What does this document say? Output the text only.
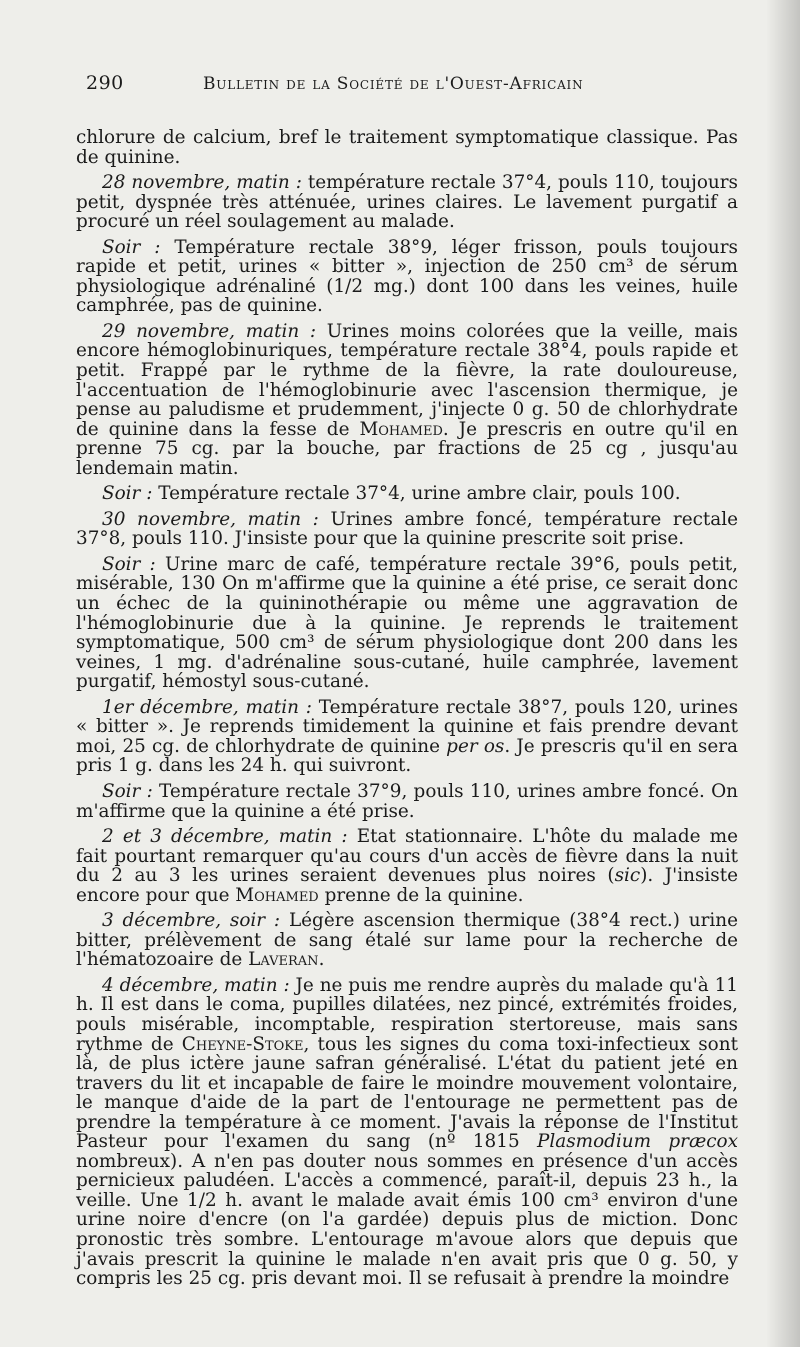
290	Bulletin de la Société de l'Ouest-Africain

chlorure de calcium, bref le traitement symptomatique classique. Pas de quinine.

28 novembre, matin : température rectale 37°4, pouls 110, toujours petit, dyspnée très atténuée, urines claires. Le lavement purgatif a procuré un réel soulagement au malade.

Soir : Température rectale 38°9, léger frisson, pouls toujours rapide et petit, urines « bitter », injection de 250 cm³ de sérum physiologique adrénaliné (1/2 mg.) dont 100 dans les veines, huile camphrée, pas de quinine.

29 novembre, matin : Urines moins colorées que la veille, mais encore hémoglobinuriques, température rectale 38°4, pouls rapide et petit. Frappé par le rythme de la fièvre, la rate douloureuse, l'accentuation de l'hémoglobinurie avec l'ascension thermique, je pense au paludisme et prudemment, j'injecte 0 g. 50 de chlorhydrate de quinine dans la fesse de Mohamed. Je prescris en outre qu'il en prenne 75 cg. par la bouche, par fractions de 25 cg , jusqu'au lendemain matin.

Soir : Température rectale 37°4, urine ambre clair, pouls 100.

30 novembre, matin : Urines ambre foncé, température rectale 37°8, pouls 110. J'insiste pour que la quinine prescrite soit prise.

Soir : Urine marc de café, température rectale 39°6, pouls petit, misérable, 130 On m'affirme que la quinine a été prise, ce serait donc un échec de la quininothérapie ou même une aggravation de l'hémoglobinurie due à la quinine. Je reprends le traitement symptomatique, 500 cm³ de sérum physiologique dont 200 dans les veines, 1 mg. d'adrénaline sous-cutané, huile camphrée, lavement purgatif, hémostyl sous-cutané.

1er décembre, matin : Température rectale 38°7, pouls 120, urines « bitter ». Je reprends timidement la quinine et fais prendre devant moi, 25 cg. de chlorhydrate de quinine per os. Je prescris qu'il en sera pris 1 g. dans les 24 h. qui suivront.

Soir : Température rectale 37°9, pouls 110, urines ambre foncé. On m'affirme que la quinine a été prise.

2 et 3 décembre, matin : Etat stationnaire. L'hôte du malade me fait pourtant remarquer qu'au cours d'un accès de fièvre dans la nuit du 2 au 3 les urines seraient devenues plus noires (sic). J'insiste encore pour que Mohamed prenne de la quinine.

3 décembre, soir : Légère ascension thermique (38°4 rect.) urine bitter, prélèvement de sang étalé sur lame pour la recherche de l'hématozoaire de Laveran.

4 décembre, matin : Je ne puis me rendre auprès du malade qu'à 11 h. Il est dans le coma, pupilles dilatées, nez pincé, extrémités froides, pouls misérable, incomptable, respiration stertoreuse, mais sans rythme de Cheyne-Stoke, tous les signes du coma toxi-infectieux sont là, de plus ictère jaune safran généralisé. L'état du patient jeté en travers du lit et incapable de faire le moindre mouvement volontaire, le manque d'aide de la part de l'entourage ne permettent pas de prendre la température à ce moment. J'avais la réponse de l'Institut Pasteur pour l'examen du sang (nº 1815 Plasmodium præcox nombreux). A n'en pas douter nous sommes en présence d'un accès pernicieux paludéen. L'accès a commencé, paraît-il, depuis 23 h., la veille. Une 1/2 h. avant le malade avait émis 100 cm³ environ d'une urine noire d'encre (on l'a gardée) depuis plus de miction. Donc pronostic très sombre. L'entourage m'avoue alors que depuis que j'avais prescrit la quinine le malade n'en avait pris que 0 g. 50, y compris les 25 cg. pris devant moi. Il se refusait à prendre la moindre
